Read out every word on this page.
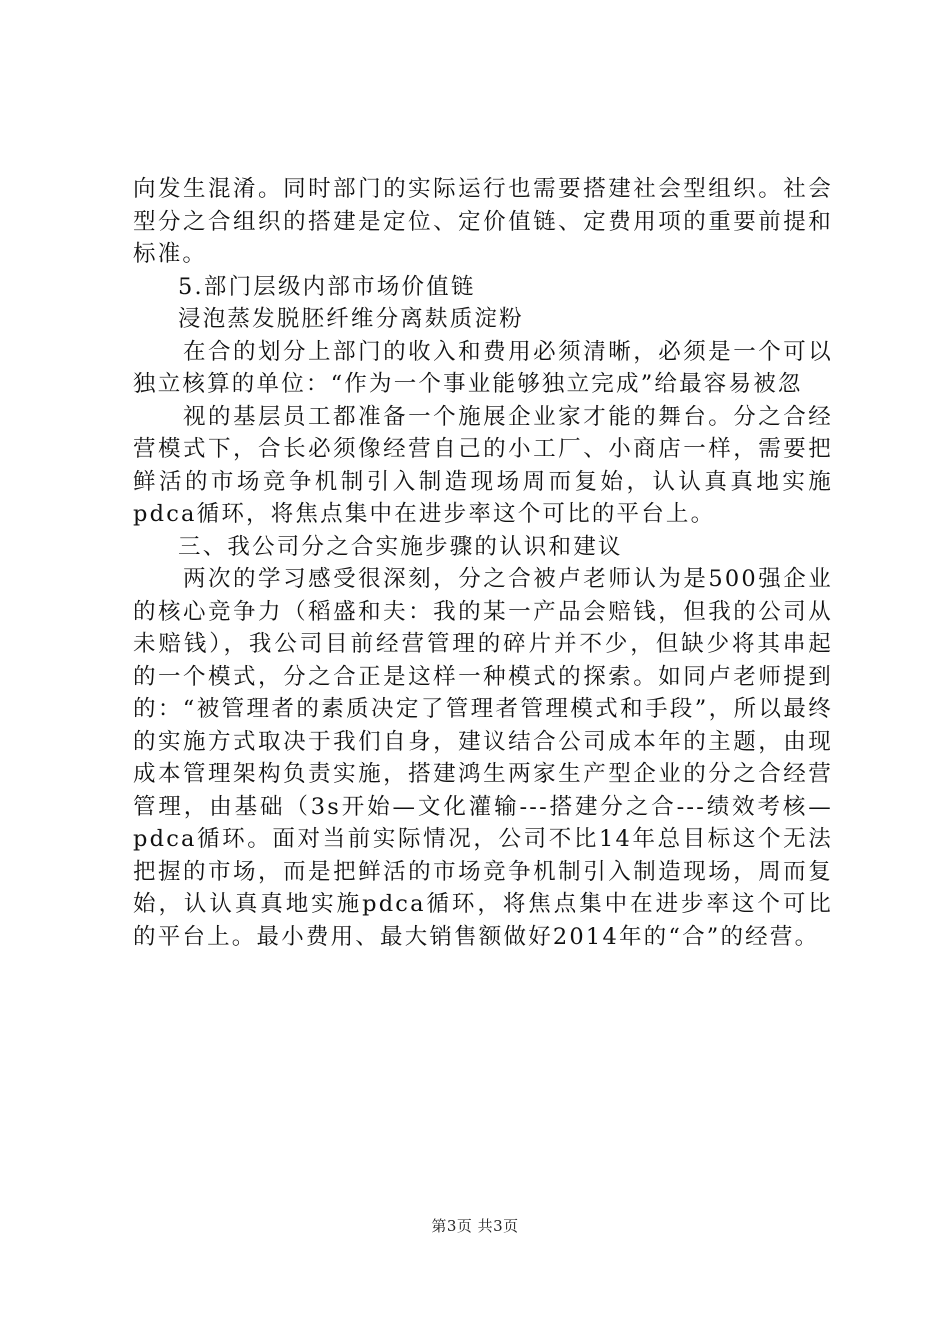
向发生混淆。同时部门的实际运行也需要搭建社会型组织。社会型分之合组织的搭建是定位、定价值链、定费用项的重要前提和标准。

5.部门层级内部市场价值链

浸泡蒸发脱胚纤维分离麸质淀粉

在合的划分上部门的收入和费用必须清晰，必须是一个可以独立核算的单位：“作为一个事业能够独立完成”给最容易被忽

视的基层员工都准备一个施展企业家才能的舞台。分之合经营模式下，合长必须像经营自己的小工厂、小商店一样，需要把鲜活的市场竞争机制引入制造现场周而复始，认认真真地实施pdca循环，将焦点集中在进步率这个可比的平台上。

三、我公司分之合实施步骤的认识和建议

两次的学习感受很深刻，分之合被卢老师认为是500强企业的核心竞争力（稻盛和夫：我的某一产品会赔钱，但我的公司从未赔钱），我公司目前经营管理的碎片并不少，但缺少将其串起的一个模式，分之合正是这样一种模式的探索。如同卢老师提到的：“被管理者的素质决定了管理者管理模式和手段”，所以最终的实施方式取决于我们自身，建议结合公司成本年的主题，由现成本管理架构负责实施，搭建鸿生两家生产型企业的分之合经营管理，由基础（3s开始—文化灌输---搭建分之合---绩效考核—pdca循环。面对当前实际情况，公司不比14年总目标这个无法把握的市场，而是把鲜活的市场竞争机制引入制造现场，周而复始，认认真真地实施pdca循环，将焦点集中在进步率这个可比的平台上。最小费用、最大销售额做好2014年的“合”的经营。

第3页 共3页
